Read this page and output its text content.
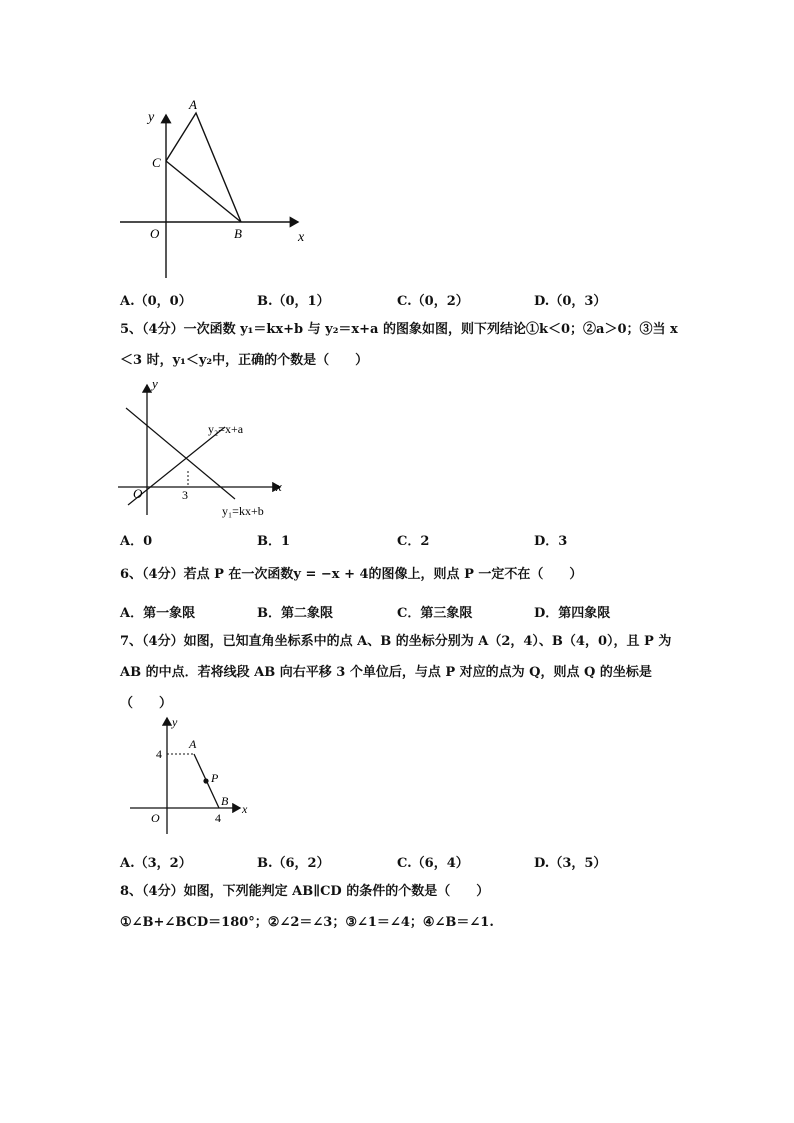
y
A
C
O	B	x
A.（0，0）	B.（0，1）	C.（0，2）	D.（0，3）
5、（4分）一次函数 y₁＝kx+b 与 y₂＝x+a 的图象如图，则下列结论①k＜0；②a＞0；③当 x
＜3 时，y₁＜y₂中，正确的个数是（　　）
y
O	3
x
y₂=x+a
y₁=kx+b
A．0	B．1	C．2	D．3
6、（4分）若点 P 在一次函数y = −x + 4的图像上，则点 P 一定不在（　　）
A．第一象限	B．第二象限	C．第三象限	D．第四象限
7、（4分）如图，已知直角坐标系中的点 A、B 的坐标分别为 A（2，4）、B（4，0），且 P 为
AB 的中点．若将线段 AB 向右平移 3 个单位后，与点 P 对应的点为 Q，则点 Q 的坐标是
（　　）
y
4
A
P
B
O	4
x
A.（3，2）	B.（6，2）	C.（6，4）	D.（3，5）
8、（4分）如图，下列能判定 AB∥CD 的条件的个数是（　　）
①∠B+∠BCD＝180°；②∠2＝∠3；③∠1＝∠4；④∠B＝∠1.
